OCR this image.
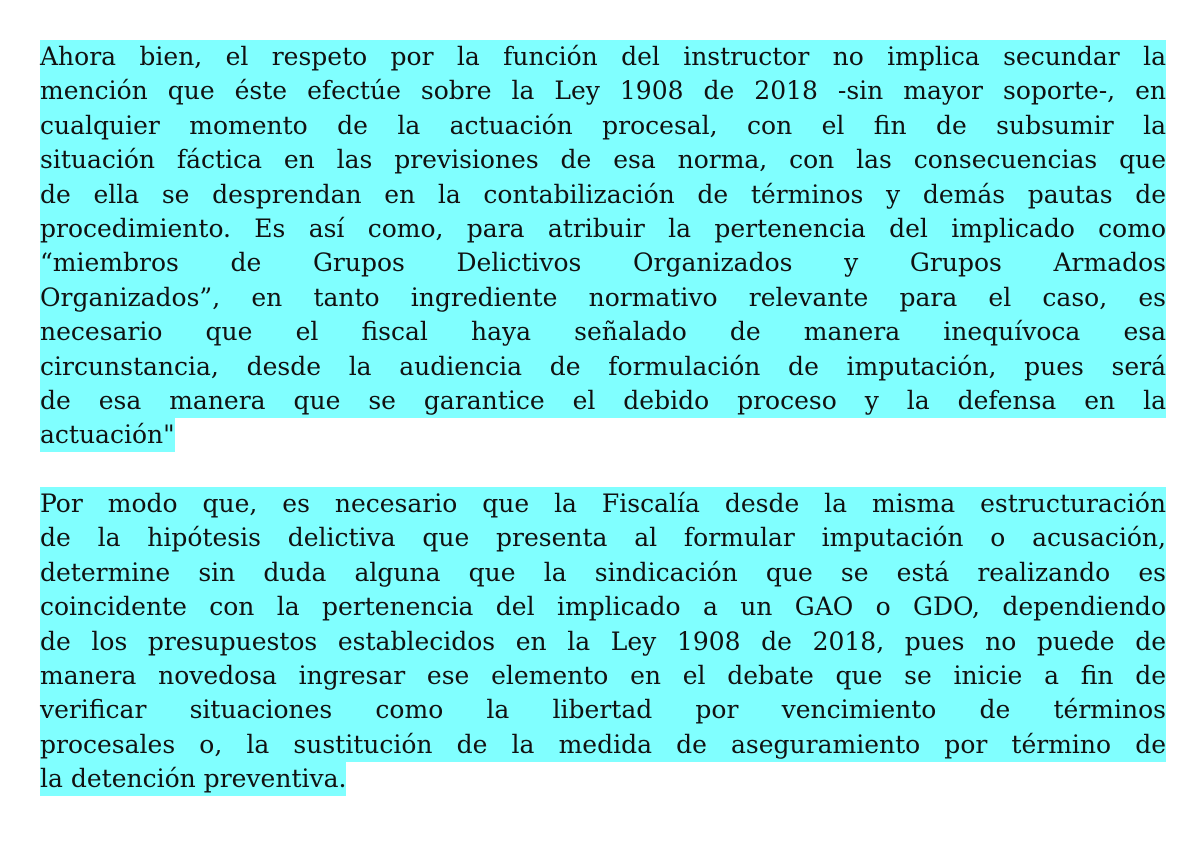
Ahora bien, el respeto por la función del instructor no implica secundar la
mención que éste efectúe sobre la Ley 1908 de 2018 -sin mayor soporte-, en
cualquier momento de la actuación procesal, con el fin de subsumir la
situación fáctica en las previsiones de esa norma, con las consecuencias que
de ella se desprendan en la contabilización de términos y demás pautas de
procedimiento. Es así como, para atribuir la pertenencia del implicado como
“miembros de Grupos Delictivos Organizados y Grupos Armados
Organizados”, en tanto ingrediente normativo relevante para el caso, es
necesario que el fiscal haya señalado de manera inequívoca esa
circunstancia, desde la audiencia de formulación de imputación, pues será
de esa manera que se garantice el debido proceso y la defensa en la
actuación"
Por modo que, es necesario que la Fiscalía desde la misma estructuración
de la hipótesis delictiva que presenta al formular imputación o acusación,
determine sin duda alguna que la sindicación que se está realizando es
coincidente con la pertenencia del implicado a un GAO o GDO, dependiendo
de los presupuestos establecidos en la Ley 1908 de 2018, pues no puede de
manera novedosa ingresar ese elemento en el debate que se inicie a fin de
verificar situaciones como la libertad por vencimiento de términos
procesales o, la sustitución de la medida de aseguramiento por término de
la detención preventiva.
